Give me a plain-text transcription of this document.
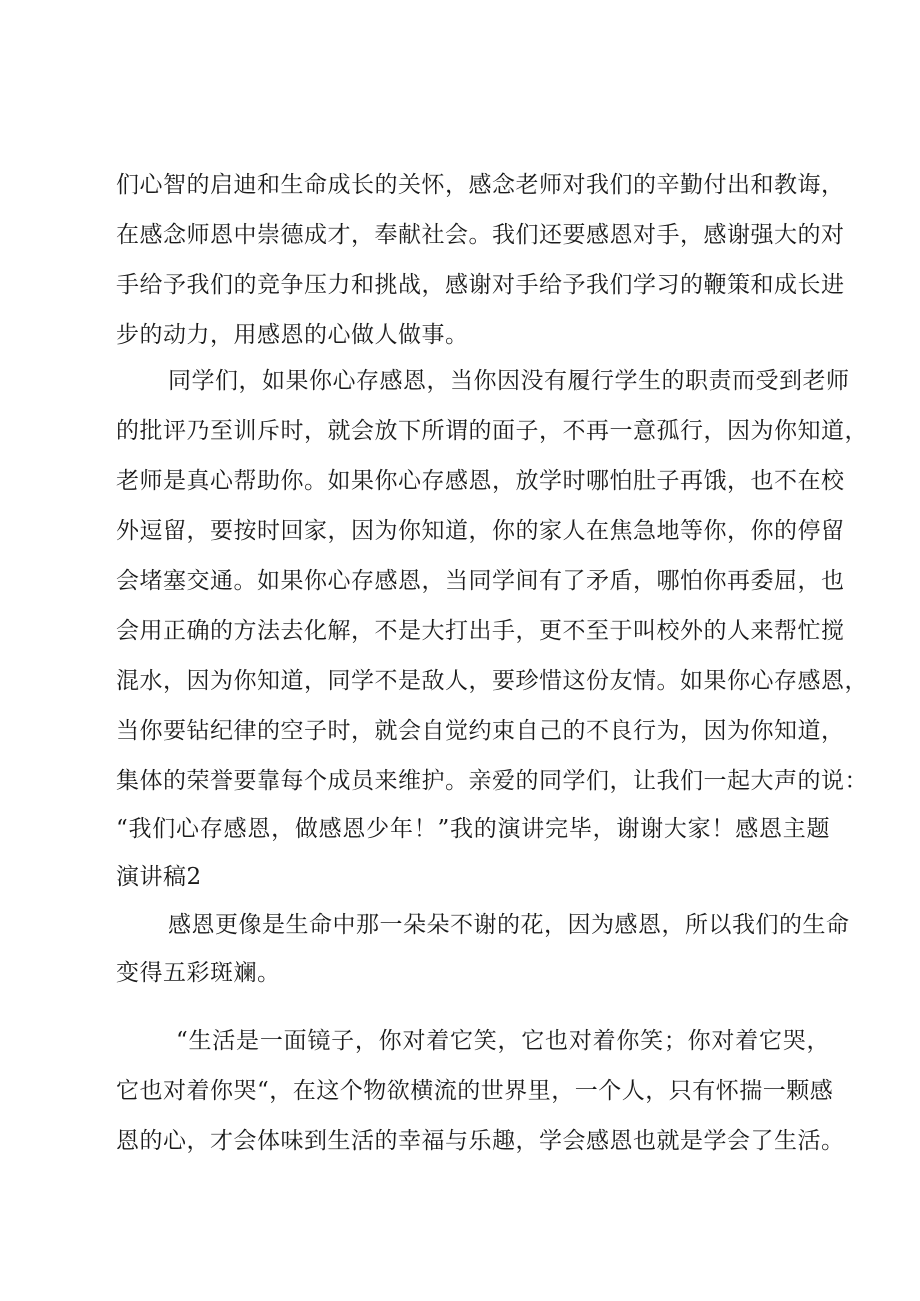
们心智的启迪和生命成长的关怀，感念老师对我们的辛勤付出和教诲，
在感念师恩中崇德成才，奉献社会。我们还要感恩对手，感谢强大的对
手给予我们的竞争压力和挑战，感谢对手给予我们学习的鞭策和成长进
步的动力，用感恩的心做人做事。
同学们，如果你心存感恩，当你因没有履行学生的职责而受到老师
的批评乃至训斥时，就会放下所谓的面子，不再一意孤行，因为你知道，
老师是真心帮助你。如果你心存感恩，放学时哪怕肚子再饿，也不在校
外逗留，要按时回家，因为你知道，你的家人在焦急地等你，你的停留
会堵塞交通。如果你心存感恩，当同学间有了矛盾，哪怕你再委屈，也
会用正确的方法去化解，不是大打出手，更不至于叫校外的人来帮忙搅
混水，因为你知道，同学不是敌人，要珍惜这份友情。如果你心存感恩，
当你要钻纪律的空子时，就会自觉约束自己的不良行为，因为你知道，
集体的荣誉要靠每个成员来维护。亲爱的同学们，让我们一起大声的说：
“我们心存感恩，做感恩少年！”我的演讲完毕，谢谢大家！感恩主题
演讲稿2
感恩更像是生命中那一朵朵不谢的花，因为感恩，所以我们的生命
变得五彩斑斓。
“生活是一面镜子，你对着它笑，它也对着你笑；你对着它哭，
它也对着你哭“，在这个物欲横流的世界里，一个人，只有怀揣一颗感
恩的心，才会体味到生活的幸福与乐趣，学会感恩也就是学会了生活。
